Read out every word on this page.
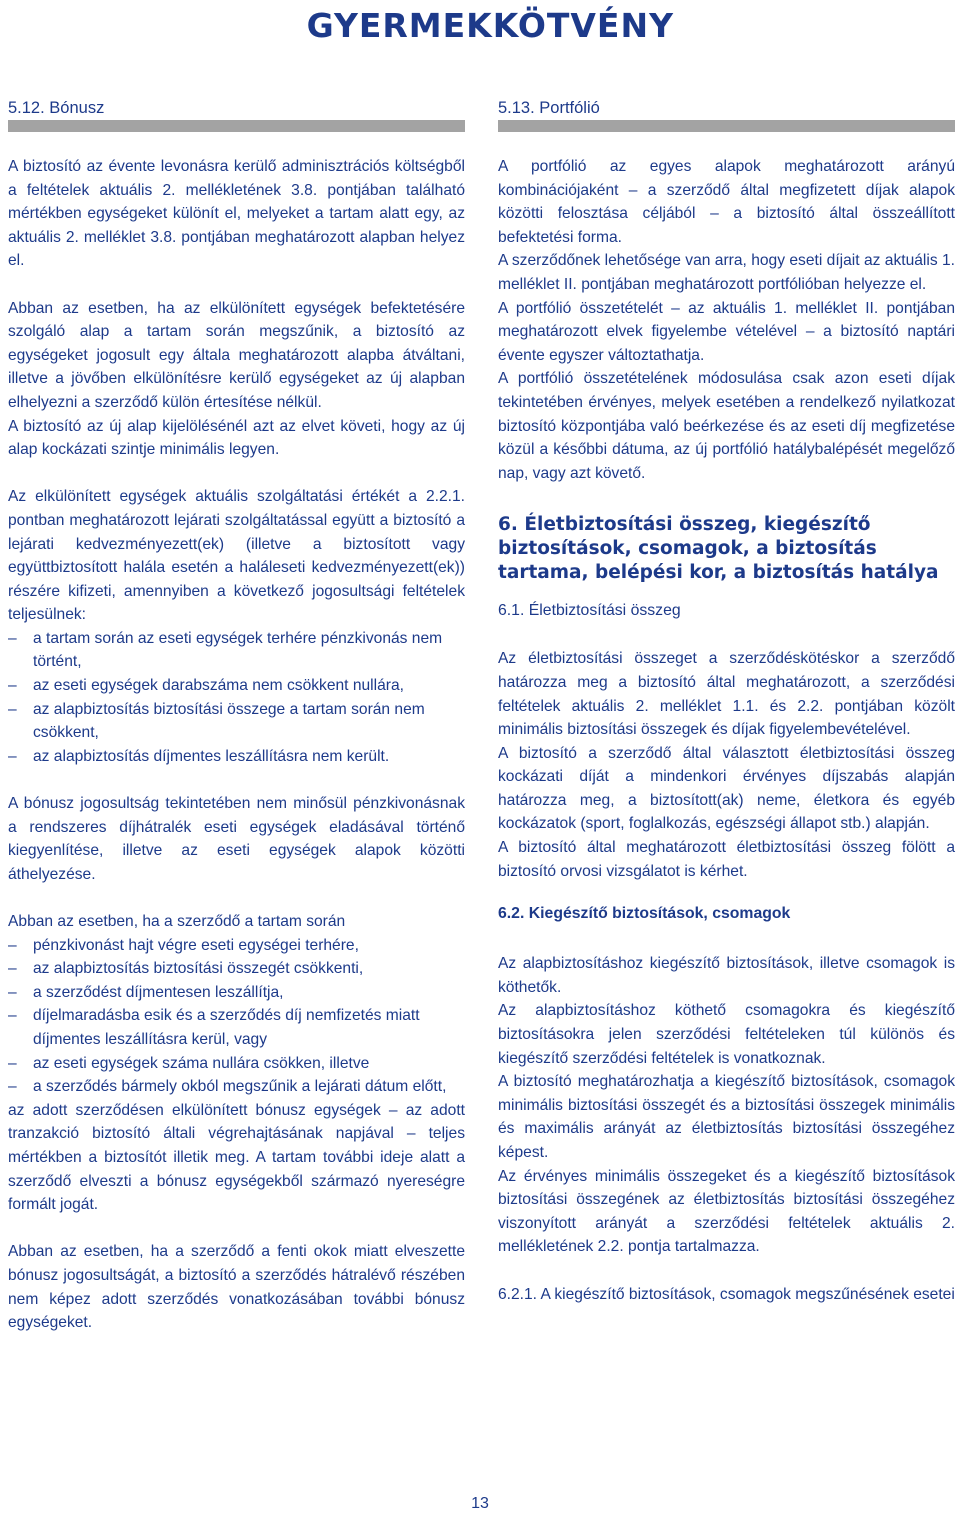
GYERMEKKÖTVÉNY
5.12. Bónusz

A biztosító az évente levonásra kerülő adminisztrációs költségből a feltételek aktuális 2. mellékletének 3.8. pontjában található mértékben egységeket különít el, melyeket a tartam alatt egy, az aktuális 2. melléklet 3.8. pontjában meghatározott alapban helyez el.

Abban az esetben, ha az elkülönített egységek befektetésére szolgáló alap a tartam során megszűnik, a biztosító az egységeket jogosult egy általa meghatározott alapba átváltani, illetve a jövőben elkülönítésre kerülő egységeket az új alapban elhelyezni a szerződő külön értesítése nélkül.

A biztosító az új alap kijelölésénél azt az elvet követi, hogy az új alap kockázati szintje minimális legyen.

Az elkülönített egységek aktuális szolgáltatási értékét a 2.2.1. pontban meghatározott lejárati szolgáltatással együtt a biztosító a lejárati kedvezményezett(ek) (illetve a biztosított vagy együttbiztosított halála esetén a haláleseti kedvezményezett(ek)) részére kifizeti, amennyiben a következő jogosultsági feltételek teljesülnek:

– a tartam során az eseti egységek terhére pénzkivonás nem történt,
– az eseti egységek darabszáma nem csökkent nullára,
– az alapbiztosítás biztosítási összege a tartam során nem csökkent,
– az alapbiztosítás díjmentes leszállításra nem került.

A bónusz jogosultság tekintetében nem minősül pénzkivonásnak a rendszeres díjhátralék eseti egységek eladásával történő kiegyenlítése, illetve az eseti egységek alapok közötti áthelyezése.

Abban az esetben, ha a szerződő a tartam során

– pénzkivonást hajt végre eseti egységei terhére,
– az alapbiztosítás biztosítási összegét csökkenti,
– a szerződést díjmentesen leszállítja,
– díjelmaradásba esik és a szerződés díj nemfizetés miatt díjmentes leszállításra kerül, vagy
– az eseti egységek száma nullára csökken, illetve
– a szerződés bármely okból megszűnik a lejárati dátum előtt,

az adott szerződésen elkülönített bónusz egységek – az adott tranzakció biztosító általi végrehajtásának napjával – teljes mértékben a biztosítót illetik meg. A tartam további ideje alatt a szerződő elveszti a bónusz egységekből származó nyereségre formált jogát.

Abban az esetben, ha a szerződő a fenti okok miatt elveszette bónusz jogosultságát, a biztosító a szerződés hátralévő részében nem képez adott szerződés vonatkozásában további bónusz egységeket.

5.13. Portfólió

A portfólió az egyes alapok meghatározott arányú kombinációjaként – a szerződő által megfizetett díjak alapok közötti felosztása céljából – a biztosító által összeállított befektetési forma.

A szerződőnek lehetősége van arra, hogy eseti díjait az aktuális 1. melléklet II. pontjában meghatározott portfólióban helyezze el.

A portfólió összetételét – az aktuális 1. melléklet II. pontjában meghatározott elvek figyelembe vételével – a biztosító naptári évente egyszer változtathatja.

A portfólió összetételének módosulása csak azon eseti díjak tekintetében érvényes, melyek esetében a rendelkező nyilatkozat biztosító központjába való beérkezése és az eseti díj megfizetése közül a későbbi dátuma, az új portfólió hatálybalépését megelőző nap, vagy azt követő.

6. Életbiztosítási összeg, kiegészítő biztosítások, csomagok, a biztosítás tartama, belépési kor, a biztosítás hatálya
6.1. Életbiztosítási összeg

Az életbiztosítási összeget a szerződéskötéskor a szerződő határozza meg a biztosító által meghatározott, a szerződési feltételek aktuális 2. melléklet 1.1. és 2.2. pontjában közölt minimális biztosítási összegek és díjak figyelembevételével.

A biztosító a szerződő által választott életbiztosítási összeg kockázati díját a mindenkori érvényes díjszabás alapján határozza meg, a biztosított(ak) neme, életkora és egyéb kockázatok (sport, foglalkozás, egészségi állapot stb.) alapján.

A biztosító által meghatározott életbiztosítási összeg fölött a biztosító orvosi vizsgálatot is kérhet.

6.2. Kiegészítő biztosítások, csomagok

Az alapbiztosításhoz kiegészítő biztosítások, illetve csomagok is köthetők.

Az alapbiztosításhoz köthető csomagokra és kiegészítő biztosításokra jelen szerződési feltételeken túl különös és kiegészítő szerződési feltételek is vonatkoznak.

A biztosító meghatározhatja a kiegészítő biztosítások, csomagok minimális biztosítási összegét és a biztosítási összegek minimális és maximális arányát az életbiztosítás biztosítási összegéhez képest.

Az érvényes minimális összegeket és a kiegészítő biztosítások biztosítási összegének az életbiztosítás biztosítási összegéhez viszonyított arányát a szerződési feltételek aktuális 2. mellékletének 2.2. pontja tartalmazza.

6.2.1. A kiegészítő biztosítások, csomagok megszűnésének esetei

13
